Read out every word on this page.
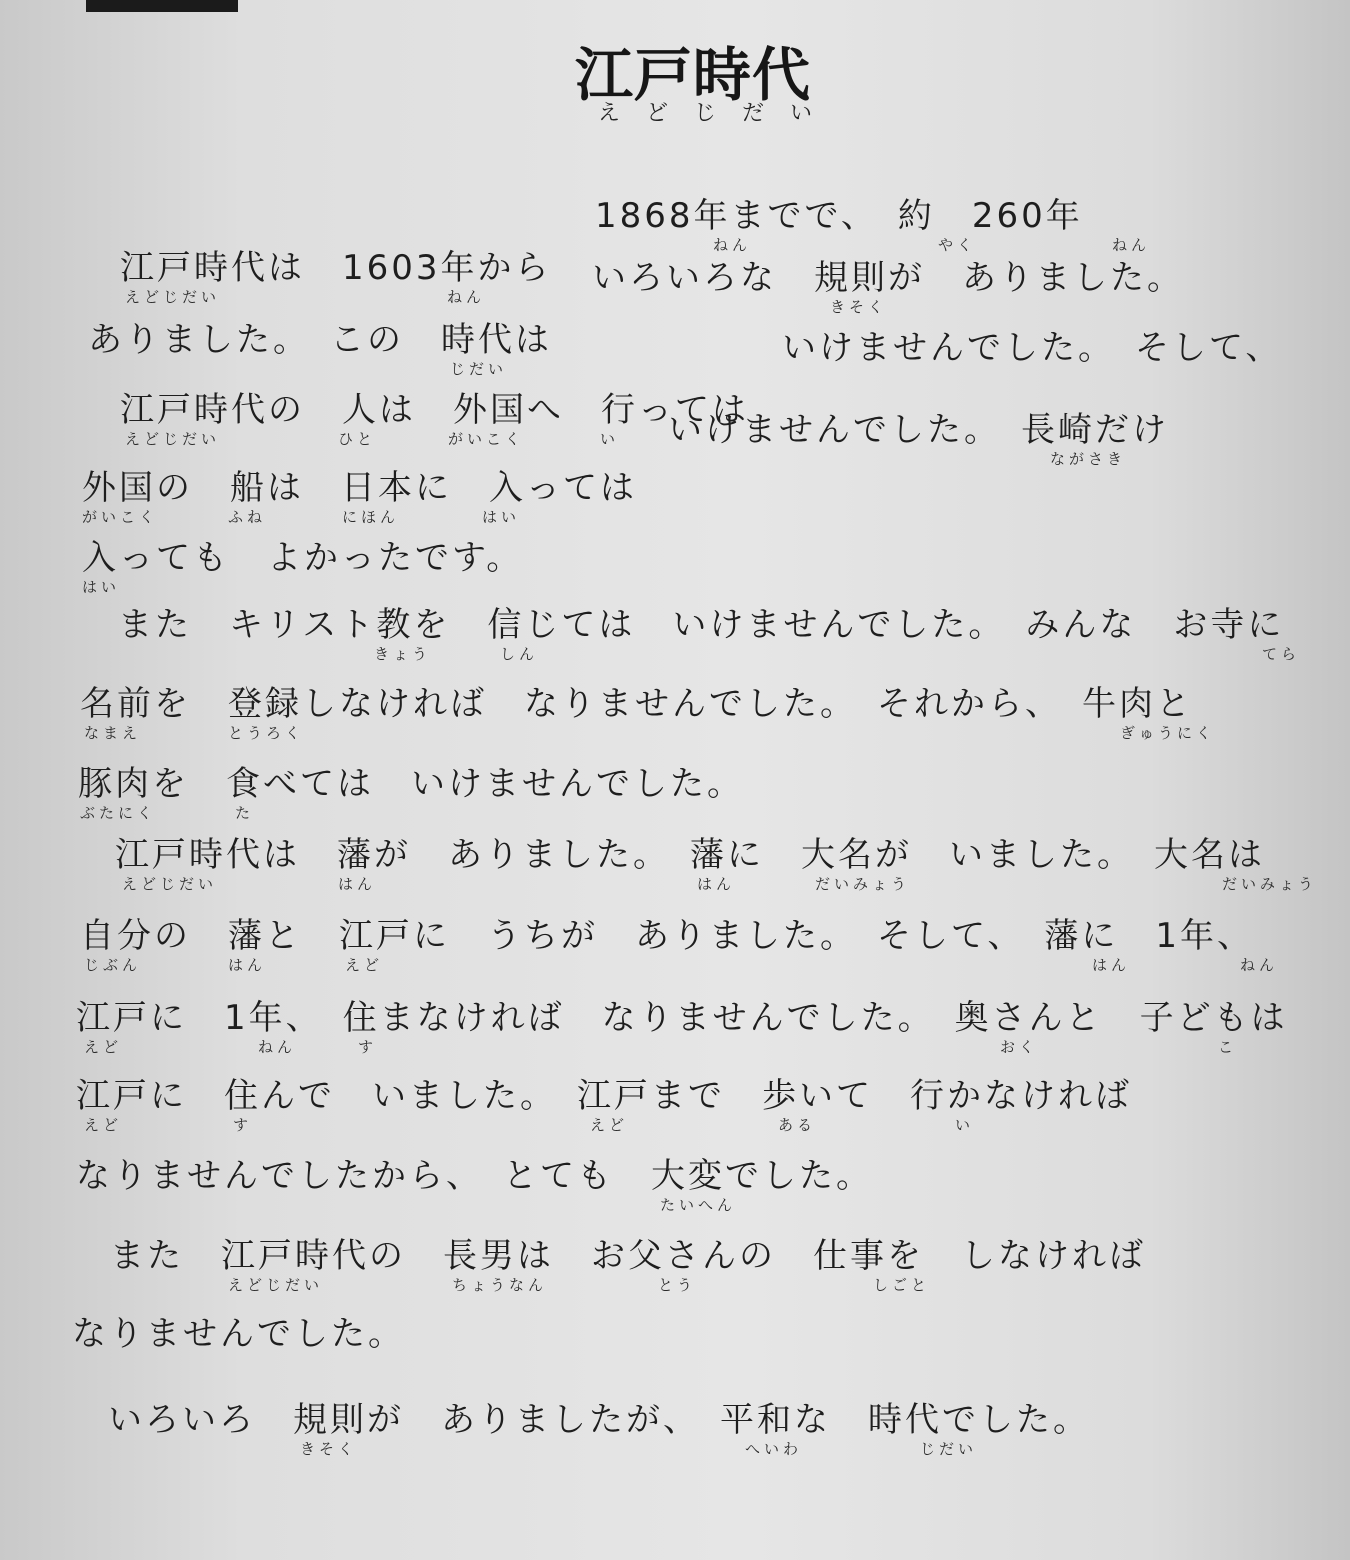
江戸時代
えどじだい
1868年までで、　約　260年
ねん	やく	ねん
江戸時代は　1603年から
えどじだい	ねん	いろいろな　規則が　ありました。
きそく
ありました。　この　時代は
じだい
いけませんでした。　そして、
江戸時代の　人は　外国へ　行っては
えどじだい	ひと	がいこく	い いけませんでした。　長崎だけ
ながさき
外国の　船は　日本に　入っては
がいこく	ふね	にほん	はい
入っても　よかったです。
はい
また　キリスト教を　信じては　いけませんでした。　みんな　お寺に
きょう	しん	てら
名前を　登録しなければ　なりませんでした。　それから、　牛肉と
なまえ	とうろく	ぎゅうにく
豚肉を　食べては　いけませんでした。
ぶたにく	た
江戸時代は　藩が　ありました。　藩に　大名が　いました。　大名は
えどじだい	はん	はん	だいみょう	だいみょう
自分の　藩と　江戸に　うちが　ありました。　そして、　藩に　1年、
じぶん	はん	えど	はん	ねん
江戸に　1年、　住まなければ　なりませんでした。　奥さんと　子どもは
えど	ねん	す	おく	こ
江戸に　住んで　いました。　江戸まで　歩いて　行かなければ
えど	す	えど	ある	い
なりませんでしたから、　とても　大変でした。
たいへん
また　江戸時代の　長男は　お父さんの　仕事を　しなければ
えどじだい	ちょうなん	とう	しごと
なりませんでした。
いろいろ　規則が　ありましたが、　平和な　時代でした。
きそく	へいわ	じだい
